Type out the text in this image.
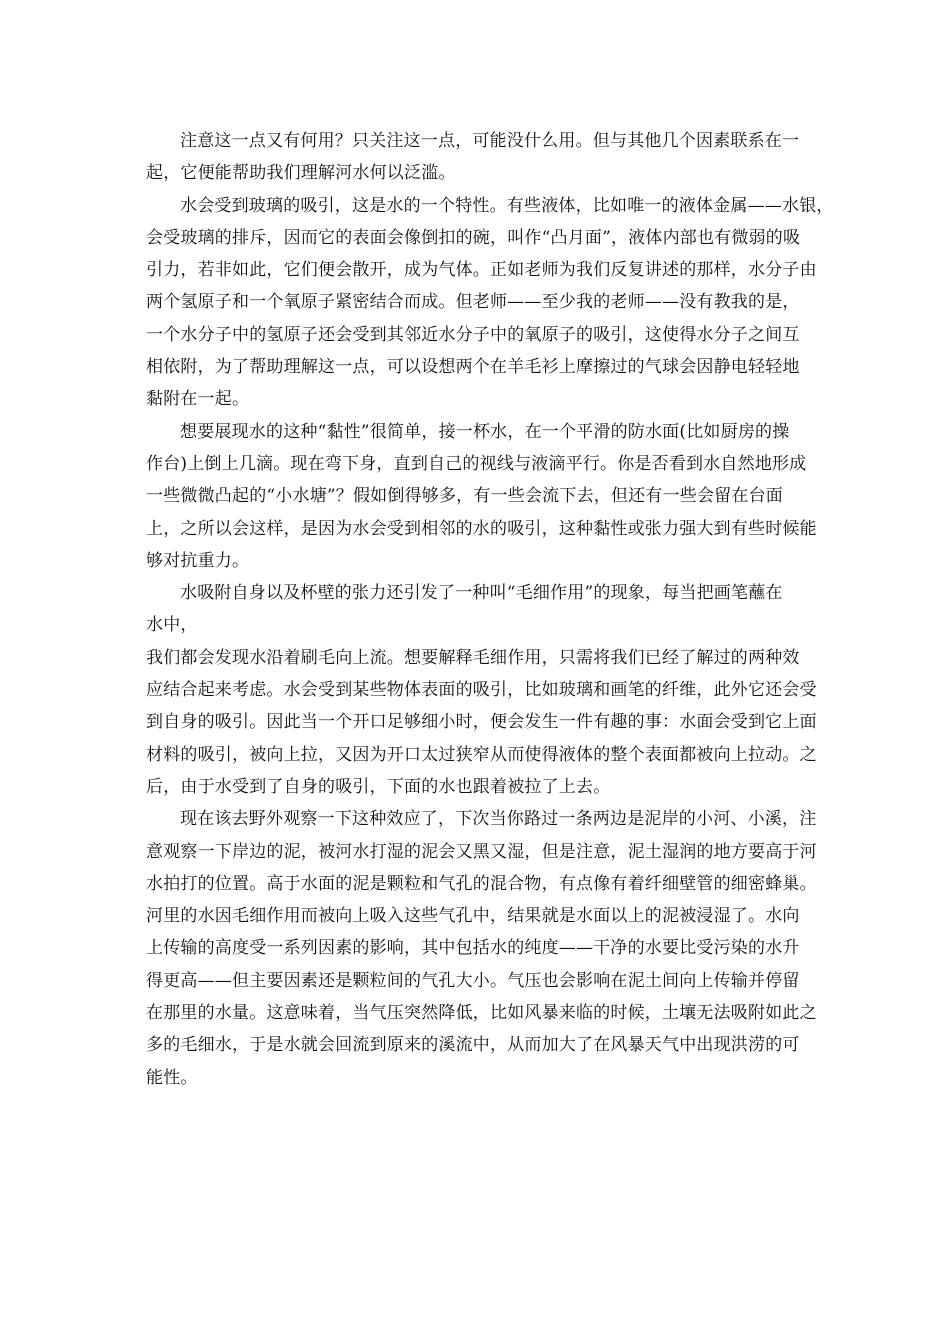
注意这一点又有何用？只关注这一点，可能没什么用。但与其他几个因素联系在一
起，它便能帮助我们理解河水何以泛滥。
水会受到玻璃的吸引，这是水的一个特性。有些液体，比如唯一的液体金属——水银，
会受玻璃的排斥，因而它的表面会像倒扣的碗，叫作“凸月面”，液体内部也有微弱的吸
引力，若非如此，它们便会散开，成为气体。正如老师为我们反复讲述的那样，水分子由
两个氢原子和一个氧原子紧密结合而成。但老师——至少我的老师——没有教我的是，
一个水分子中的氢原子还会受到其邻近水分子中的氧原子的吸引，这使得水分子之间互
相依附，为了帮助理解这一点，可以设想两个在羊毛衫上摩擦过的气球会因静电轻轻地
黏附在一起。
想要展现水的这种“黏性”很简单，接一杯水，在一个平滑的防水面(比如厨房的操
作台)上倒上几滴。现在弯下身，直到自己的视线与液滴平行。你是否看到水自然地形成
一些微微凸起的“小水塘”？假如倒得够多，有一些会流下去，但还有一些会留在台面
上，之所以会这样，是因为水会受到相邻的水的吸引，这种黏性或张力强大到有些时候能
够对抗重力。
水吸附自身以及杯壁的张力还引发了一种叫“毛细作用”的现象，每当把画笔蘸在
水中，
我们都会发现水沿着刷毛向上流。想要解释毛细作用，只需将我们已经了解过的两种效
应结合起来考虑。水会受到某些物体表面的吸引，比如玻璃和画笔的纤维，此外它还会受
到自身的吸引。因此当一个开口足够细小时，便会发生一件有趣的事：水面会受到它上面
材料的吸引，被向上拉，又因为开口太过狭窄从而使得液体的整个表面都被向上拉动。之
后，由于水受到了自身的吸引，下面的水也跟着被拉了上去。
现在该去野外观察一下这种效应了，下次当你路过一条两边是泥岸的小河、小溪，注
意观察一下岸边的泥，被河水打湿的泥会又黑又湿，但是注意，泥土湿润的地方要高于河
水拍打的位置。高于水面的泥是颗粒和气孔的混合物，有点像有着纤细壁管的细密蜂巢。
河里的水因毛细作用而被向上吸入这些气孔中，结果就是水面以上的泥被浸湿了。水向
上传输的高度受一系列因素的影响，其中包括水的纯度——干净的水要比受污染的水升
得更高——但主要因素还是颗粒间的气孔大小。气压也会影响在泥土间向上传输并停留
在那里的水量。这意味着，当气压突然降低，比如风暴来临的时候，土壤无法吸附如此之
多的毛细水，于是水就会回流到原来的溪流中，从而加大了在风暴天气中出现洪涝的可
能性。
